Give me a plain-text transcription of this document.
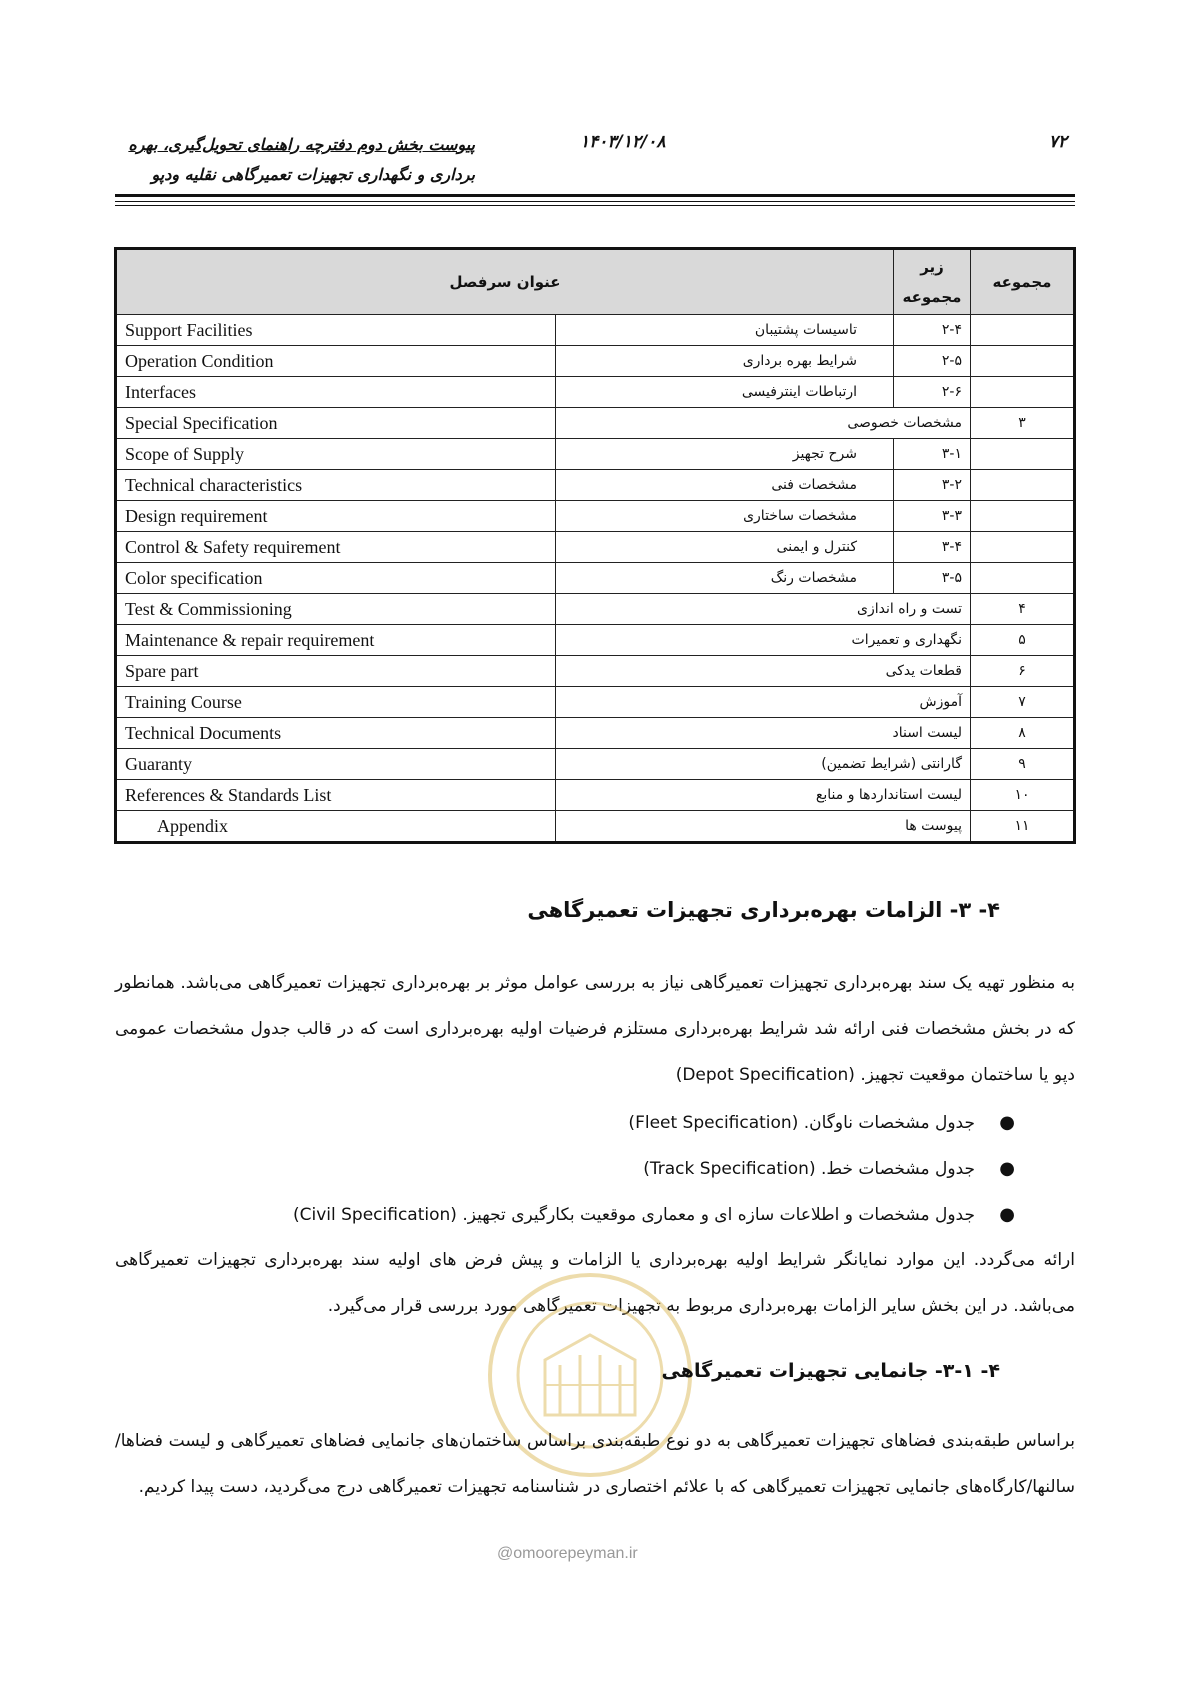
۷۲
۱۴۰۳/۱۲/۰۸
پیوست بخش دوم دفترچه راهنمای تحویل‌گیری، بهره
برداری و نگهداری تجهیزات تعمیرگاهی نقلیه ودپو
عنوان سرفصل		زیر مجموعه	مجموعه
Support Facilities	تاسیسات پشتیبان	۲-۴	
Operation Condition	شرایط بهره برداری	۲-۵	
Interfaces	ارتباطات اینترفیسی	۲-۶	
Special Specification	مشخصات خصوصی		۳
Scope of Supply	شرح تجهیز	۳-۱	
Technical characteristics	مشخصات فنی	۳-۲	
Design requirement	مشخصات ساختاری	۳-۳	
Control & Safety requirement	کنترل و ایمنی	۳-۴	
Color specification	مشخصات رنگ	۳-۵	
Test & Commissioning	تست و راه اندازی		۴
Maintenance & repair requirement	نگهداری و تعمیرات		۵
Spare part	قطعات یدکی		۶
Training Course	آموزش		۷
Technical Documents	لیست اسناد		۸
Guaranty	گارانتی (شرایط تضمین)		۹
References & Standards List	لیست استانداردها و منابع		۱۰
Appendix	پیوست ها		۱۱
۴- ۳- الزامات بهره‌برداری تجهیزات تعمیرگاهی
به منظور تهیه یک سند بهره‌برداری تجهیزات تعمیرگاهی نیاز به بررسی عوامل موثر بر بهره‌برداری تجهیزات تعمیرگاهی می‌باشد. همانطور که در بخش مشخصات فنی ارائه شد شرایط بهره‌برداری مستلزم فرضیات اولیه بهره‌برداری است که در قالب جدول مشخصات عمومی دپو یا ساختمان موقعیت تجهیز. (Depot Specification)
●
جدول مشخصات ناوگان. (Fleet Specification)
●
جدول مشخصات خط. (Track Specification)
●
جدول مشخصات و اطلاعات سازه ای و معماری موقعیت بکارگیری تجهیز. (Civil Specification)
ارائه می‌گردد. این موارد نمایانگر شرایط اولیه بهره‌برداری یا الزامات و پیش فرض های اولیه سند بهره‌برداری تجهیزات تعمیرگاهی می‌باشد. در این بخش سایر الزامات بهره‌برداری مربوط به تجهیزات تعمیرگاهی مورد بررسی قرار می‌گیرد.
@omoorepeyman.ir
۴- ۳-۱- جانمایی تجهیزات تعمیرگاهی
براساس طبقه‌بندی فضاهای تجهیزات تعمیرگاهی به دو نوع طبقه‌بندی براساس ساختمان‌های جانمایی فضاهای تعمیرگاهی و لیست فضاها/سالنها/کارگاه‌های جانمایی تجهیزات تعمیرگاهی که با علائم اختصاری در شناسنامه تجهیزات تعمیرگاهی درج می‌گردید، دست پیدا کردیم.
